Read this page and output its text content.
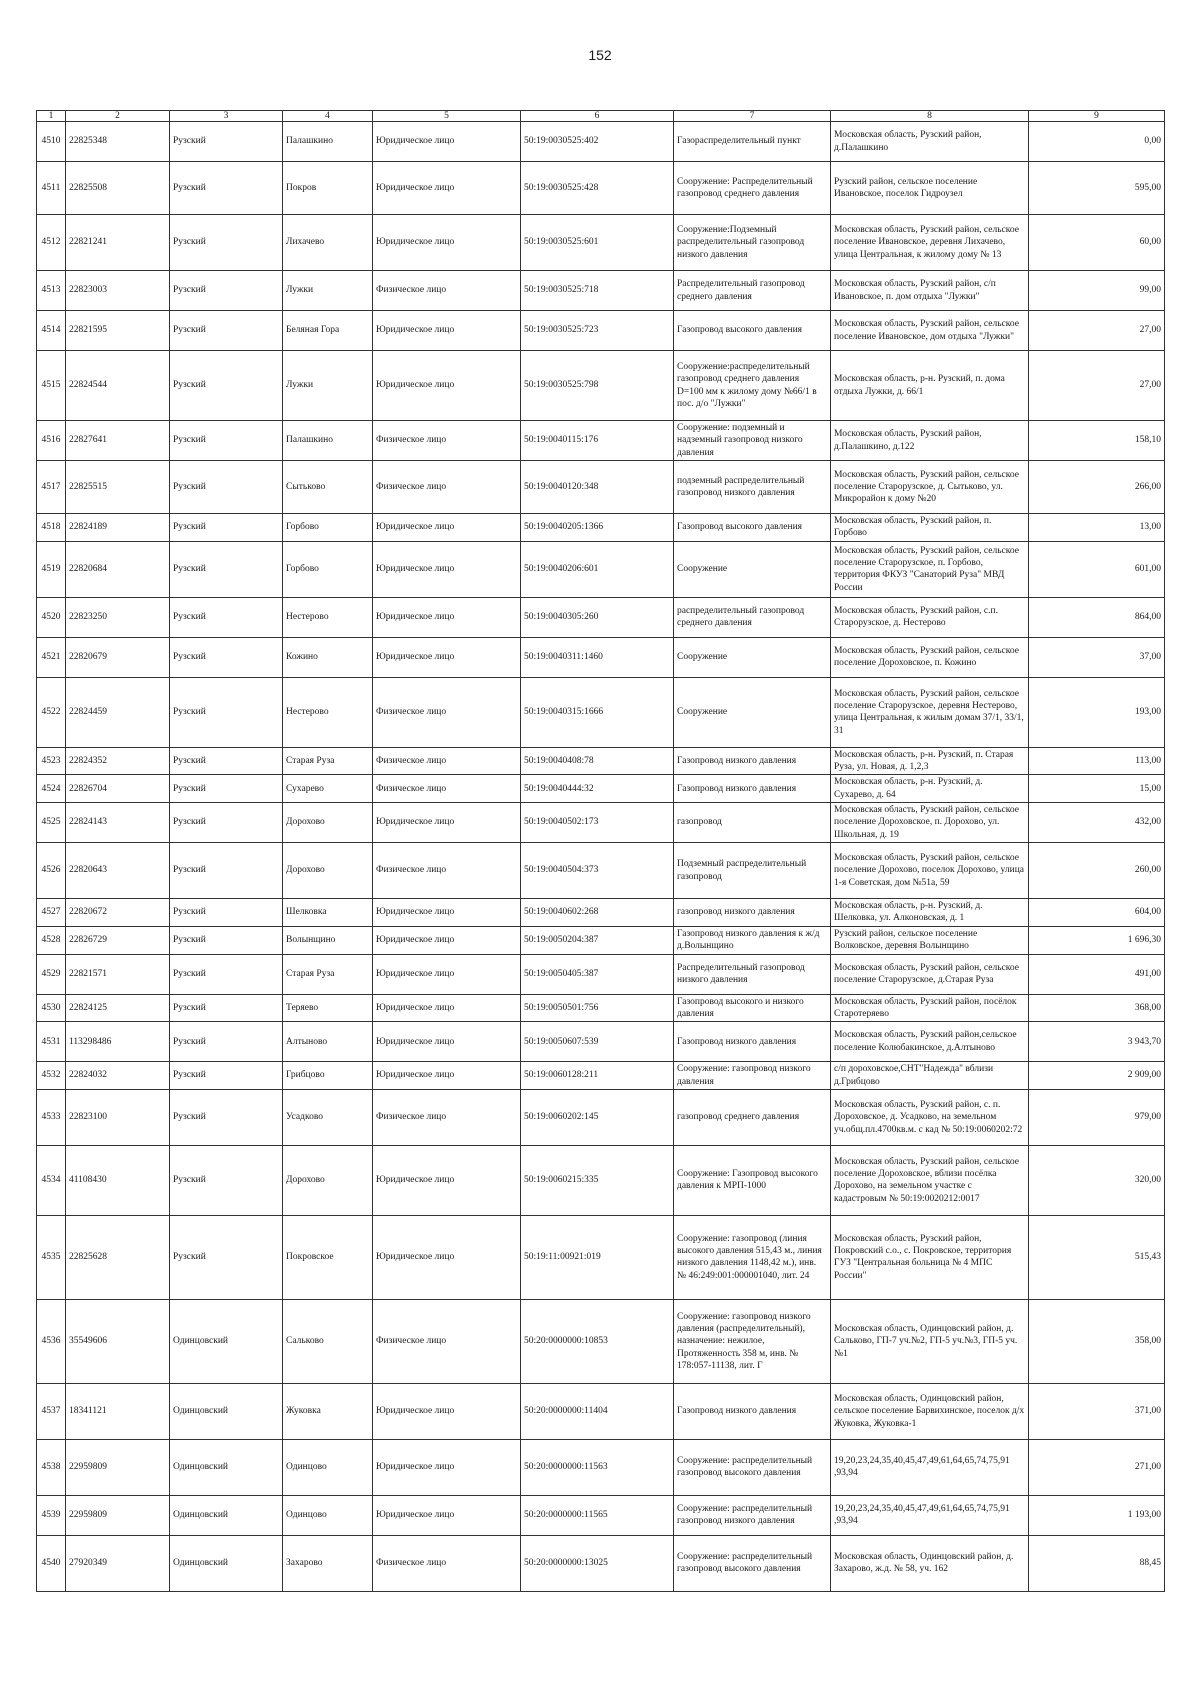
152
1	2	3	4	5	6	7	8	9
4510	22825348	Рузский	Палашкино	Юридическое лицо	50:19:0030525:402	Газораспределительный пункт	Московская область, Рузский район, д.Палашкино	0,00
4511	22825508	Рузский	Покров	Юридическое лицо	50:19:0030525:428	Сооружение: Распределительный газопровод среднего давления	Рузский район, сельское поселение Ивановское, поселок Гидроузел	595,00
4512	22821241	Рузский	Лихачево	Юридическое лицо	50:19:0030525:601	Сооружение:Подземный распределительный газопровод низкого давления	Московская область, Рузский район, сельское поселение Ивановское, деревня Лихачево, улица Центральная, к жилому дому № 13	60,00
4513	22823003	Рузский	Лужки	Физическое лицо	50:19:0030525:718	Распределительный газопровод среднего давления	Московская область, Рузский район, с/п Ивановское, п. дом отдыха "Лужки"	99,00
4514	22821595	Рузский	Беляная Гора	Юридическое лицо	50:19:0030525:723	Газопровод высокого давления	Московская область, Рузский район, сельское поселение Ивановское, дом отдыха "Лужки"	27,00
4515	22824544	Рузский	Лужки	Юридическое лицо	50:19:0030525:798	Сооружение:распределительный газопровод среднего давления D=100 мм к жилому дому №66/1 в пос. д/о "Лужки"	Московская область, р-н. Рузский, п. дома отдыха Лужки, д. 66/1	27,00
4516	22827641	Рузский	Палашкино	Физическое лицо	50:19:0040115:176	Сооружение: подземный и надземный газопровод низкого давления	Московская область, Рузский район, д.Палашкино, д.122	158,10
4517	22825515	Рузский	Сытьково	Физическое лицо	50:19:0040120:348	подземный распределительный газопровод низкого давления	Московская область, Рузский район, сельское поселение Старорузское, д. Сытьково, ул. Микрорайон к дому №20	266,00
4518	22824189	Рузский	Горбово	Юридическое лицо	50:19:0040205:1366	Газопровод высокого давления	Московская область, Рузский район, п. Горбово	13,00
4519	22820684	Рузский	Горбово	Юридическое лицо	50:19:0040206:601	Сооружение	Московская область, Рузский район, сельское поселение Старорузское, п. Горбово, территория ФКУЗ "Санаторий Руза" МВД России	601,00
4520	22823250	Рузский	Нестерово	Юридическое лицо	50:19:0040305:260	распределительный газопровод среднего давления	Московская область, Рузский район, с.п. Старорузское, д. Нестерово	864,00
4521	22820679	Рузский	Кожино	Юридическое лицо	50:19:0040311:1460	Сооружение	Московская область, Рузский район, сельское поселение Дороховское, п. Кожино	37,00
4522	22824459	Рузский	Нестерово	Физическое лицо	50:19:0040315:1666	Сооружение	Московская область, Рузский район, сельское поселение Старорузское, деревня Нестерово, улица Центральная, к жилым домам 37/1, 33/1, 31	193,00
4523	22824352	Рузский	Старая Руза	Физическое лицо	50:19:0040408:78	Газопровод низкого давления	Московская область, р-н. Рузский, п. Старая Руза, ул. Новая, д. 1,2,3	113,00
4524	22826704	Рузский	Сухарево	Физическое лицо	50:19:0040444:32	Газопровод низкого давления	Московская область, р-н. Рузский, д. Сухарево, д. 64	15,00
4525	22824143	Рузский	Дорохово	Юридическое лицо	50:19:0040502:173	газопровод	Московская область, Рузский район, сельское поселение Дороховское, п. Дорохово, ул. Школьная, д. 19	432,00
4526	22820643	Рузский	Дорохово	Физическое лицо	50:19:0040504:373	Подземный распределительный газопровод	Московская область, Рузский район, сельское поселение Дорохово, поселок Дорохово, улица 1-я Советская, дом №51а, 59	260,00
4527	22820672	Рузский	Шелковка	Юридическое лицо	50:19:0040602:268	газопровод низкого давления	Московская область, р-н. Рузский, д. Шелковка, ул. Алконовская, д. 1	604,00
4528	22826729	Рузский	Волынщино	Юридическое лицо	50:19:0050204:387	Газопровод низкого давления к ж/д д.Волынщино	Рузский район, сельское поселение Волковское, деревня Волынщино	1 696,30
4529	22821571	Рузский	Старая Руза	Юридическое лицо	50:19:0050405:387	Распределительный газопровод низкого давления	Московская область, Рузский район, сельское поселение Старорузское, д.Старая Руза	491,00
4530	22824125	Рузский	Теряево	Юридическое лицо	50:19:0050501:756	Газопровод высокого и низкого давления	Московская область, Рузский район, посёлок Старотеряево	368,00
4531	113298486	Рузский	Алтыново	Юридическое лицо	50:19:0050607:539	Газопровод низкого давления	Московская область, Рузский район,сельское поселение Колюбакинское, д.Алтыново	3 943,70
4532	22824032	Рузский	Грибцово	Юридическое лицо	50:19:0060128:211	Сооружение: газопровод низкого давления	с/п дороховское,СНТ"Надежда" вблизи д.Грибцово	2 909,00
4533	22823100	Рузский	Усадково	Физическое лицо	50:19:0060202:145	газопровод среднего давления	Московская область, Рузский район, с. п. Дороховское, д. Усадково, на земельном уч.общ.пл.4700кв.м. с кад № 50:19:0060202:72	979,00
4534	41108430	Рузский	Дорохово	Юридическое лицо	50:19:0060215:335	Сооружение: Газопровод высокого давления к МРП-1000	Московская область, Рузский район, сельское поселение Дороховское, вблизи посёлка Дорохово, на земельном участке с кадастровым № 50:19:0020212:0017	320,00
4535	22825628	Рузский	Покровское	Юридическое лицо	50:19:11:00921:019	Сооружение: газопровод (линия высокого давления 515,43 м., линия низкого давления 1148,42 м.), инв. № 46:249:001:000001040, лит. 24	Московская область, Рузский район, Покровский с.о., с. Покровское, территория ГУЗ "Центральная больница № 4 МПС России"	515,43
4536	35549606	Одинцовский	Сальково	Физическое лицо	50:20:0000000:10853	Сооружение: газопровод низкого давления (распределительный), назначение: нежилое, Протяженность 358 м, инв. № 178:057-11138, лит. Г	Московская область, Одинцовский район, д. Сальково, ГП-7 уч.№2, ГП-5 уч.№3, ГП-5 уч.№1	358,00
4537	18341121	Одинцовский	Жуковка	Юридическое лицо	50:20:0000000:11404	Газопровод низкого давления	Московская область, Одинцовский район, сельское поселение Барвихинское, поселок д/х Жуковка, Жуковка-1	371,00
4538	22959809	Одинцовский	Одинцово	Юридическое лицо	50:20:0000000:11563	Сооружение: распределительный газопровод высокого давления	19,20,23,24,35,40,45,47,49,61,64,65,74,75,91 ,93,94	271,00
4539	22959809	Одинцовский	Одинцово	Юридическое лицо	50:20:0000000:11565	Сооружение: распределительный газопровод низкого давления	19,20,23,24,35,40,45,47,49,61,64,65,74,75,91 ,93,94	1 193,00
4540	27920349	Одинцовский	Захарово	Физическое лицо	50:20:0000000:13025	Сооружение: распределительный газопровод высокого давления	Московская область, Одинцовский район, д. Захарово, ж.д. № 58, уч. 162	88,45
